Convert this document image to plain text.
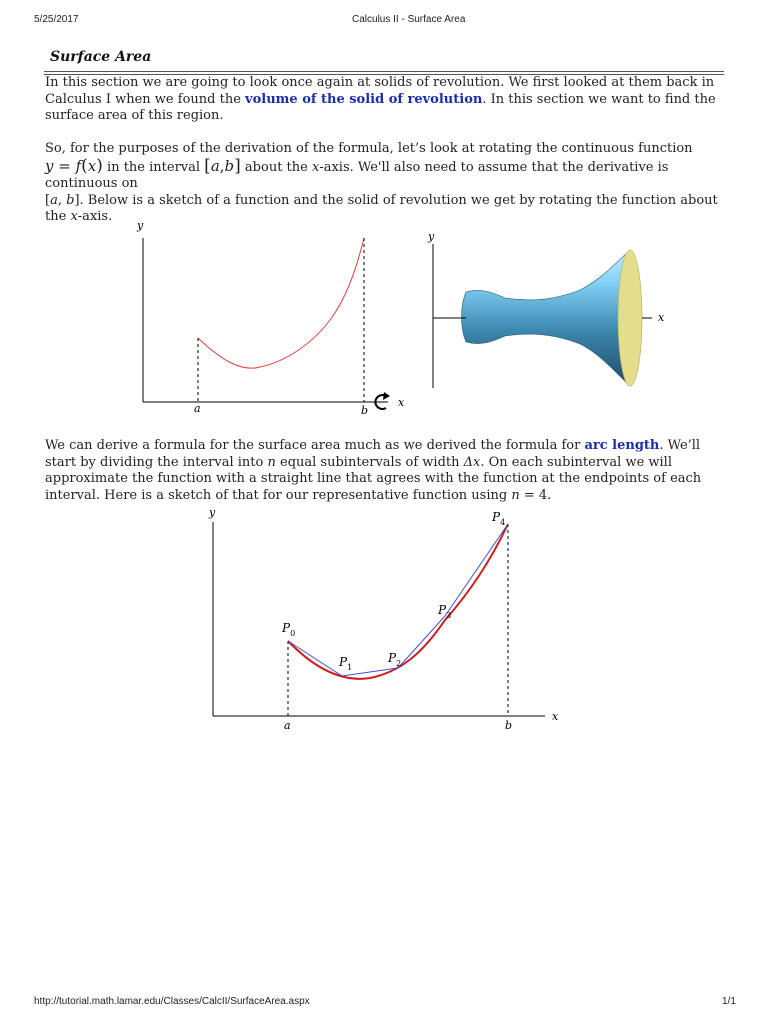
5/25/2017	Calculus II - Surface Area
Surface Area
In this section we are going to look once again at solids of revolution. We first looked at them back in Calculus I when we found the volume of the solid of revolution. In this section we want to find the surface area of this region.
So, for the purposes of the derivation of the formula, let’s look at rotating the continuous function
y = f(x) in the interval [a,b] about the x-axis. We'll also need to assume that the derivative is continuous on
[a, b]. Below is a sketch of a function and the solid of revolution we get by rotating the function about the x-axis.
y
x
a	b
y
x
We can derive a formula for the surface area much as we derived the formula for arc length. We’ll start by dividing the interval into n equal subintervals of width Δx. On each subinterval we will approximate the function with a straight line that agrees with the function at the endpoints of each interval. Here is a sketch of that for our representative function using n = 4.
y
x
a	b
$P_0$
$P_1$
$P_2$
$P_3$
$P_4$
http://tutorial.math.lamar.edu/Classes/CalcII/SurfaceArea.aspx	1/1
